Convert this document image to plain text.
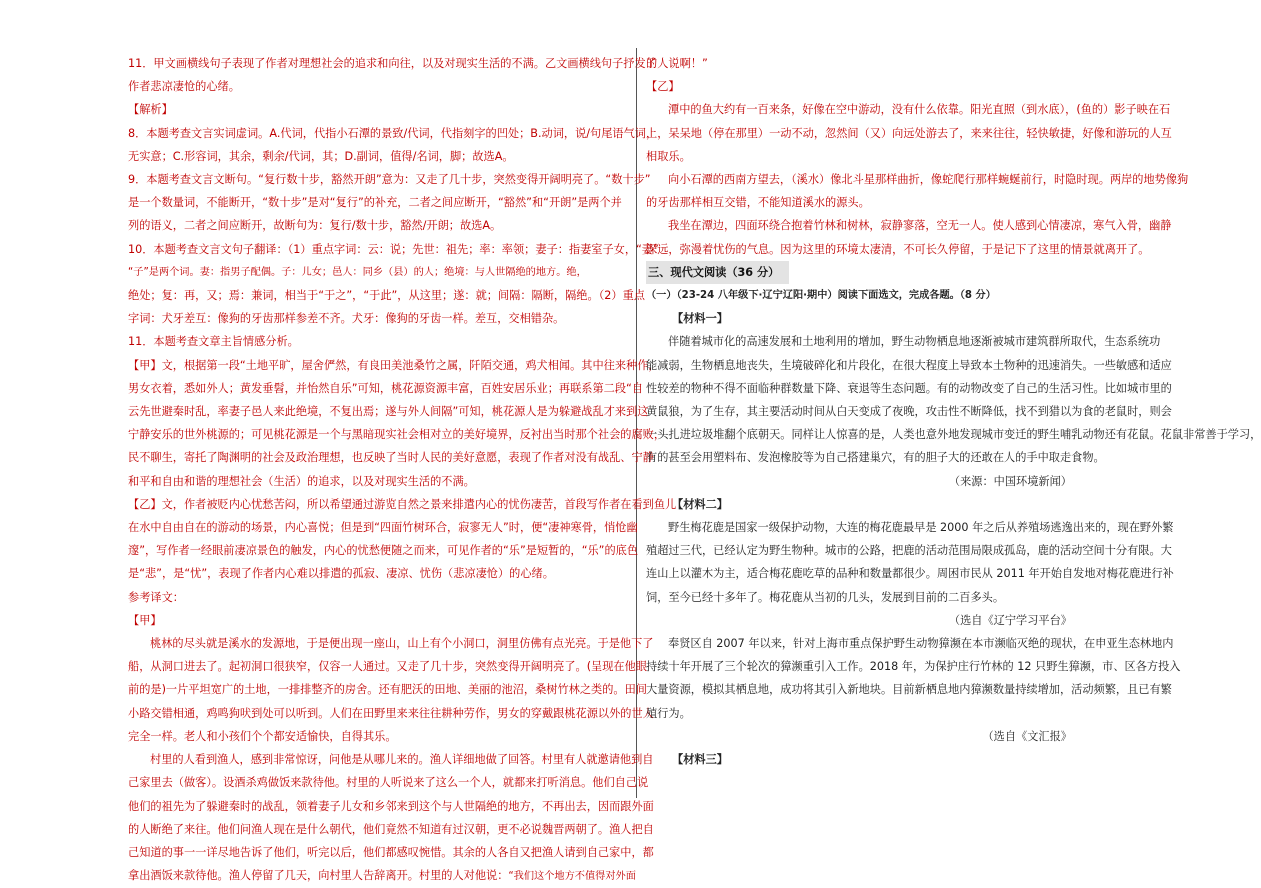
11．甲文画横线句子表现了作者对理想社会的追求和向往，以及对现实生活的不满。乙文画横线句子抒发了
作者悲凉凄怆的心绪。
【解析】
8．本题考查文言实词虚词。A.代词，代指小石潭的景致/代词，代指刻字的凹处；B.动词，说/句尾语气词，
无实意；C.形容词，其余，剩余/代词，其；D.副词，值得/名词，脚；故选A。
9．本题考查文言文断句。“复行数十步，豁然开朗”意为：又走了几十步，突然变得开阔明亮了。“数十步”
是一个数量词，不能断开，“数十步”是对“复行”的补充，二者之间应断开，“豁然”和“开朗”是两个并
列的语义，二者之间应断开，故断句为：复行/数十步，豁然/开朗；故选A。
10．本题考查文言文句子翻译：（1）重点字词：云：说；先世：祖先；率：率领；妻子：指妻室子女，“妻”
“子”是两个词。妻：指男子配偶。子：儿女；邑人：同乡（县）的人；绝境：与人世隔绝的地方。绝，
绝处；复：再，又；焉：兼词，相当于“于之”，“于此”，从这里；遂：就；间隔：隔断，隔绝。（2）重点
字词：犬牙差互：像狗的牙齿那样参差不齐。犬牙：像狗的牙齿一样。差互，交相错杂。
11．本题考查文章主旨情感分析。
【甲】文，根据第一段“土地平旷，屋舍俨然，有良田美池桑竹之属，阡陌交通，鸡犬相闻。其中往来种作，
男女衣着，悉如外人；黄发垂髫，并怡然自乐”可知，桃花源资源丰富，百姓安居乐业；再联系第二段“自
云先世避秦时乱，率妻子邑人来此绝境，不复出焉；遂与外人间隔”可知，桃花源人是为躲避战乱才来到这
宁静安乐的世外桃源的；可见桃花源是一个与黑暗现实社会相对立的美好境界，反衬出当时那个社会的腐败，
民不聊生，寄托了陶渊明的社会及政治理想，也反映了当时人民的美好意愿，表现了作者对没有战乱、宁静
和平和自由和谐的理想社会（生活）的追求，以及对现实生活的不满。
【乙】文，作者被贬内心忧愁苦闷，所以希望通过游览自然之景来排遣内心的忧伤凄苦，首段写作者在看到鱼儿
在水中自由自在的游动的场景，内心喜悦；但是到“四面竹树环合，寂寥无人”时，便“凄神寒骨，悄怆幽
邃”，写作者一经眼前凄凉景色的触发，内心的忧愁便随之而来，可见作者的“乐”是短暂的，“乐”的底色
是“悲”，是“忧”，表现了作者内心难以排遣的孤寂、凄凉、忧伤（悲凉凄怆）的心绪。
参考译文：
【甲】
桃林的尽头就是溪水的发源地，于是便出现一座山，山上有个小洞口，洞里仿佛有点光亮。于是他下了
船，从洞口进去了。起初洞口很狭窄，仅容一人通过。又走了几十步，突然变得开阔明亮了。(呈现在他眼
前的是)一片平坦宽广的土地，一排排整齐的房舍。还有肥沃的田地、美丽的池沼，桑树竹林之类的。田间
小路交错相通，鸡鸣狗吠到处可以听到。人们在田野里来来往往耕种劳作，男女的穿戴跟桃花源以外的世人
完全一样。老人和小孩们个个都安适愉快，自得其乐。
村里的人看到渔人，感到非常惊讶，问他是从哪儿来的。渔人详细地做了回答。村里有人就邀请他到自
己家里去（做客）。设酒杀鸡做饭来款待他。村里的人听说来了这么一个人，就都来打听消息。他们自己说
他们的祖先为了躲避秦时的战乱，领着妻子儿女和乡邻来到这个与人世隔绝的地方，不再出去，因而跟外面
的人断绝了来往。他们问渔人现在是什么朝代，他们竟然不知道有过汉朝，更不必说魏晋两朝了。渔人把自
己知道的事一一详尽地告诉了他们，听完以后，他们都感叹惋惜。其余的人各自又把渔人请到自己家中，都
拿出酒饭来款待他。渔人停留了几天，向村里人告辞离开。村里的人对他说：“我们这个地方不值得对外面
的人说啊！”
【乙】
潭中的鱼大约有一百来条，好像在空中游动，没有什么依靠。阳光直照（到水底），(鱼的）影子映在石
上，呆呆地（停在那里）一动不动，忽然间（又）向远处游去了，来来往往，轻快敏捷，好像和游玩的人互
相取乐。
向小石潭的西南方望去，（溪水）像北斗星那样曲折，像蛇爬行那样蜿蜒前行，时隐时现。两岸的地势像狗
的牙齿那样相互交错，不能知道溪水的源头。
我坐在潭边，四面环绕合抱着竹林和树林，寂静寥落，空无一人。使人感到心情凄凉，寒气入骨，幽静
深远，弥漫着忧伤的气息。因为这里的环境太凄清，不可长久停留，于是记下了这里的情景就离开了。
三、现代文阅读（36 分）
（一）（23-24 八年级下·辽宁辽阳·期中）阅读下面选文，完成各题。（8 分）
【材料一】
伴随着城市化的高速发展和土地利用的增加，野生动物栖息地逐渐被城市建筑群所取代，生态系统功
能减弱，生物栖息地丧失，生境破碎化和片段化，在很大程度上导致本土物种的迅速消失。一些敏感和适应
性较差的物种不得不面临种群数量下降、衰退等生态问题。有的动物改变了自己的生活习性。比如城市里的
黄鼠狼，为了生存，其主要活动时间从白天变成了夜晚，攻击性不断降低，找不到猎以为食的老鼠时，则会
一头扎进垃圾堆翻个底朝天。同样让人惊喜的是，人类也意外地发现城市变迁的野生哺乳动物还有花鼠。花鼠非常善于学习，
有的甚至会用塑料布、发泡橡胶等为自己搭建巢穴，有的胆子大的还敢在人的手中取走食物。
（来源：中国环境新闻）
【材料二】
野生梅花鹿是国家一级保护动物，大连的梅花鹿最早是 2000 年之后从养殖场逃逸出来的，现在野外繁
殖超过三代，已经认定为野生物种。城市的公路，把鹿的活动范围局限成孤岛，鹿的活动空间十分有限。大
连山上以灌木为主，适合梅花鹿吃草的品种和数量都很少。周困市民从 2011 年开始自发地对梅花鹿进行补
饲，至今已经十多年了。梅花鹿从当初的几头，发展到目前的二百多头。
（选自《辽宁学习平台》
奉贤区自 2007 年以来，针对上海市重点保护野生动物獐濒在本市濒临灭绝的现状，在申亚生态林地内
持续十年开展了三个轮次的獐濒重引入工作。2018 年，为保护庄行竹林的 12 只野生獐濒，市、区各方投入
大量资源，模拟其栖息地，成功将其引入新地块。目前新栖息地内獐濒数量持续增加，活动频繁，且已有繁
殖行为。
（选自《文汇报》
【材料三】
